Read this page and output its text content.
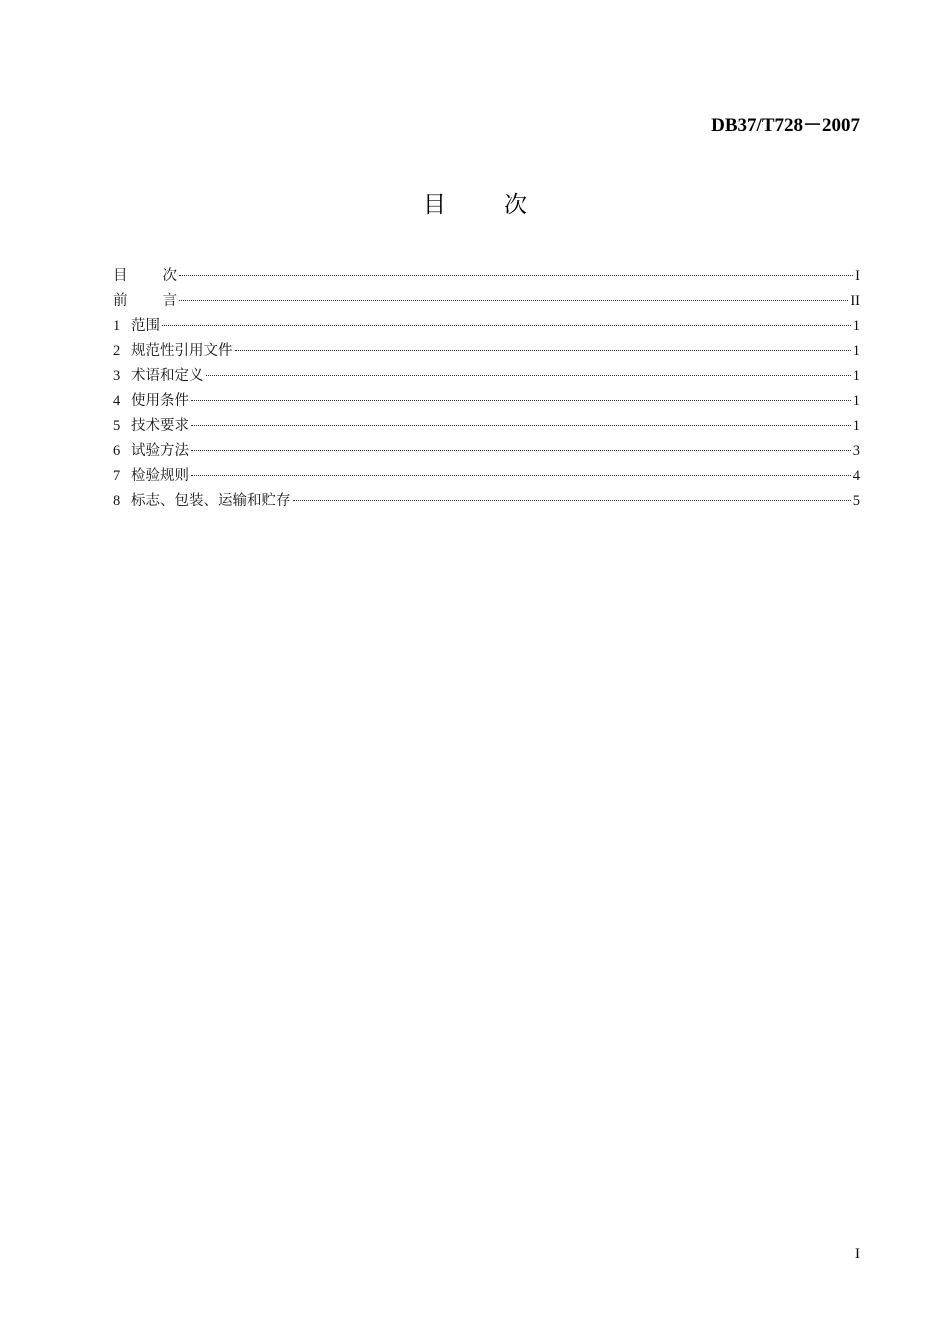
DB37/T728－2007
目	次
目 次	I
前 言	II
1 范围	1
2 规范性引用文件	1
3 术语和定义	1
4 使用条件	1
5 技术要求	1
6 试验方法	3
7 检验规则	4
8 标志、包装、运输和贮存	5
I
